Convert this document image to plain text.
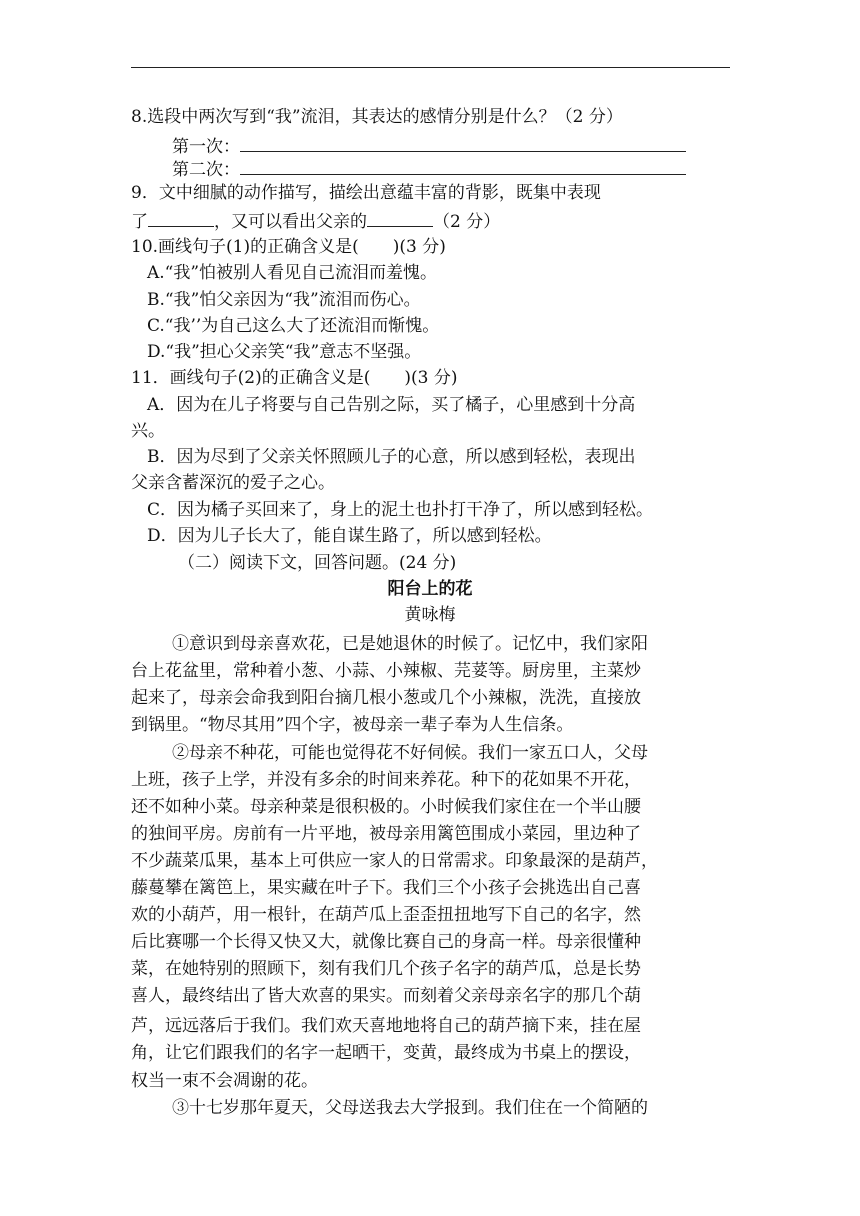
8.选段中两次写到“我”流泪，其表达的感情分别是什么？（2 分）
第一次：
第二次：
9．文中细腻的动作描写，描绘出意蕴丰富的背影，既集中表现
了	，又可以看出父亲的	（2 分）
10.画线句子(1)的正确含义是(　　)(3 分)
A.“我”怕被别人看见自己流泪而羞愧。
B.“我”怕父亲因为“我”流泪而伤心。
C.“我’’为自己这么大了还流泪而惭愧。
D.“我”担心父亲笑“我”意志不坚强。
11．画线句子(2)的正确含义是(　　)(3 分)
A．因为在儿子将要与自己告别之际，买了橘子，心里感到十分高
兴。
B．因为尽到了父亲关怀照顾儿子的心意，所以感到轻松，表现出
父亲含蓄深沉的爱子之心。
C．因为橘子买回来了，身上的泥土也扑打干净了，所以感到轻松。
D．因为儿子长大了，能自谋生路了，所以感到轻松。
（二）阅读下文，回答问题。(24 分)
阳台上的花
黄咏梅
①意识到母亲喜欢花，已是她退休的时候了。记忆中，我们家阳
台上花盆里，常种着小葱、小蒜、小辣椒、芫荽等。厨房里，主菜炒
起来了，母亲会命我到阳台摘几根小葱或几个小辣椒，洗洗，直接放
到锅里。“物尽其用”四个字，被母亲一辈子奉为人生信条。
②母亲不种花，可能也觉得花不好伺候。我们一家五口人，父母
上班，孩子上学，并没有多余的时间来养花。种下的花如果不开花，
还不如种小菜。母亲种菜是很积极的。小时候我们家住在一个半山腰
的独间平房。房前有一片平地，被母亲用篱笆围成小菜园，里边种了
不少蔬菜瓜果，基本上可供应一家人的日常需求。印象最深的是葫芦，
藤蔓攀在篱笆上，果实藏在叶子下。我们三个小孩子会挑选出自己喜
欢的小葫芦，用一根针，在葫芦瓜上歪歪扭扭地写下自己的名字，然
后比赛哪一个长得又快又大，就像比赛自己的身高一样。母亲很懂种
菜，在她特别的照顾下，刻有我们几个孩子名字的葫芦瓜，总是长势
喜人，最终结出了皆大欢喜的果实。而刻着父亲母亲名字的那几个葫
芦，远远落后于我们。我们欢天喜地地将自己的葫芦摘下来，挂在屋
角，让它们跟我们的名字一起晒干，变黄，最终成为书桌上的摆设，
权当一束不会凋谢的花。
③十七岁那年夏天，父母送我去大学报到。我们住在一个简陋的
